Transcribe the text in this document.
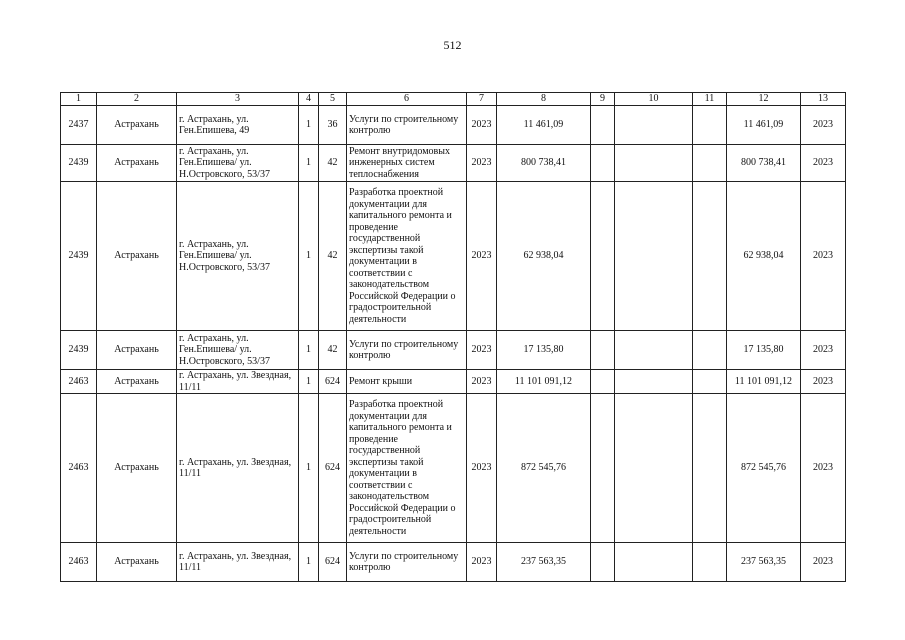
512
1	2	3	4	5	6	7	8	9	10	11	12	13
2437	Астрахань	г. Астрахань, ул. Ген.Епишева, 49	1	36	Услуги по строительному контролю	2023	11 461,09				11 461,09	2023
2439	Астрахань	г. Астрахань, ул. Ген.Епишева/ ул. Н.Островского, 53/37	1	42	Ремонт внутридомовых инженерных систем теплоснабжения	2023	800 738,41				800 738,41	2023
2439	Астрахань	г. Астрахань, ул. Ген.Епишева/ ул. Н.Островского, 53/37	1	42	Разработка проектной документации для капитального ремонта и проведение государственной экспертизы такой документации в соответствии с законодательством Российской Федерации о градостроительной деятельности	2023	62 938,04				62 938,04	2023
2439	Астрахань	г. Астрахань, ул. Ген.Епишева/ ул. Н.Островского, 53/37	1	42	Услуги по строительному контролю	2023	17 135,80				17 135,80	2023
2463	Астрахань	г. Астрахань, ул. Звездная, 11/11	1	624	Ремонт крыши	2023	11 101 091,12				11 101 091,12	2023
2463	Астрахань	г. Астрахань, ул. Звездная, 11/11	1	624	Разработка проектной документации для капитального ремонта и проведение государственной экспертизы такой документации в соответствии с законодательством Российской Федерации о градостроительной деятельности	2023	872 545,76				872 545,76	2023
2463	Астрахань	г. Астрахань, ул. Звездная, 11/11	1	624	Услуги по строительному контролю	2023	237 563,35				237 563,35	2023
